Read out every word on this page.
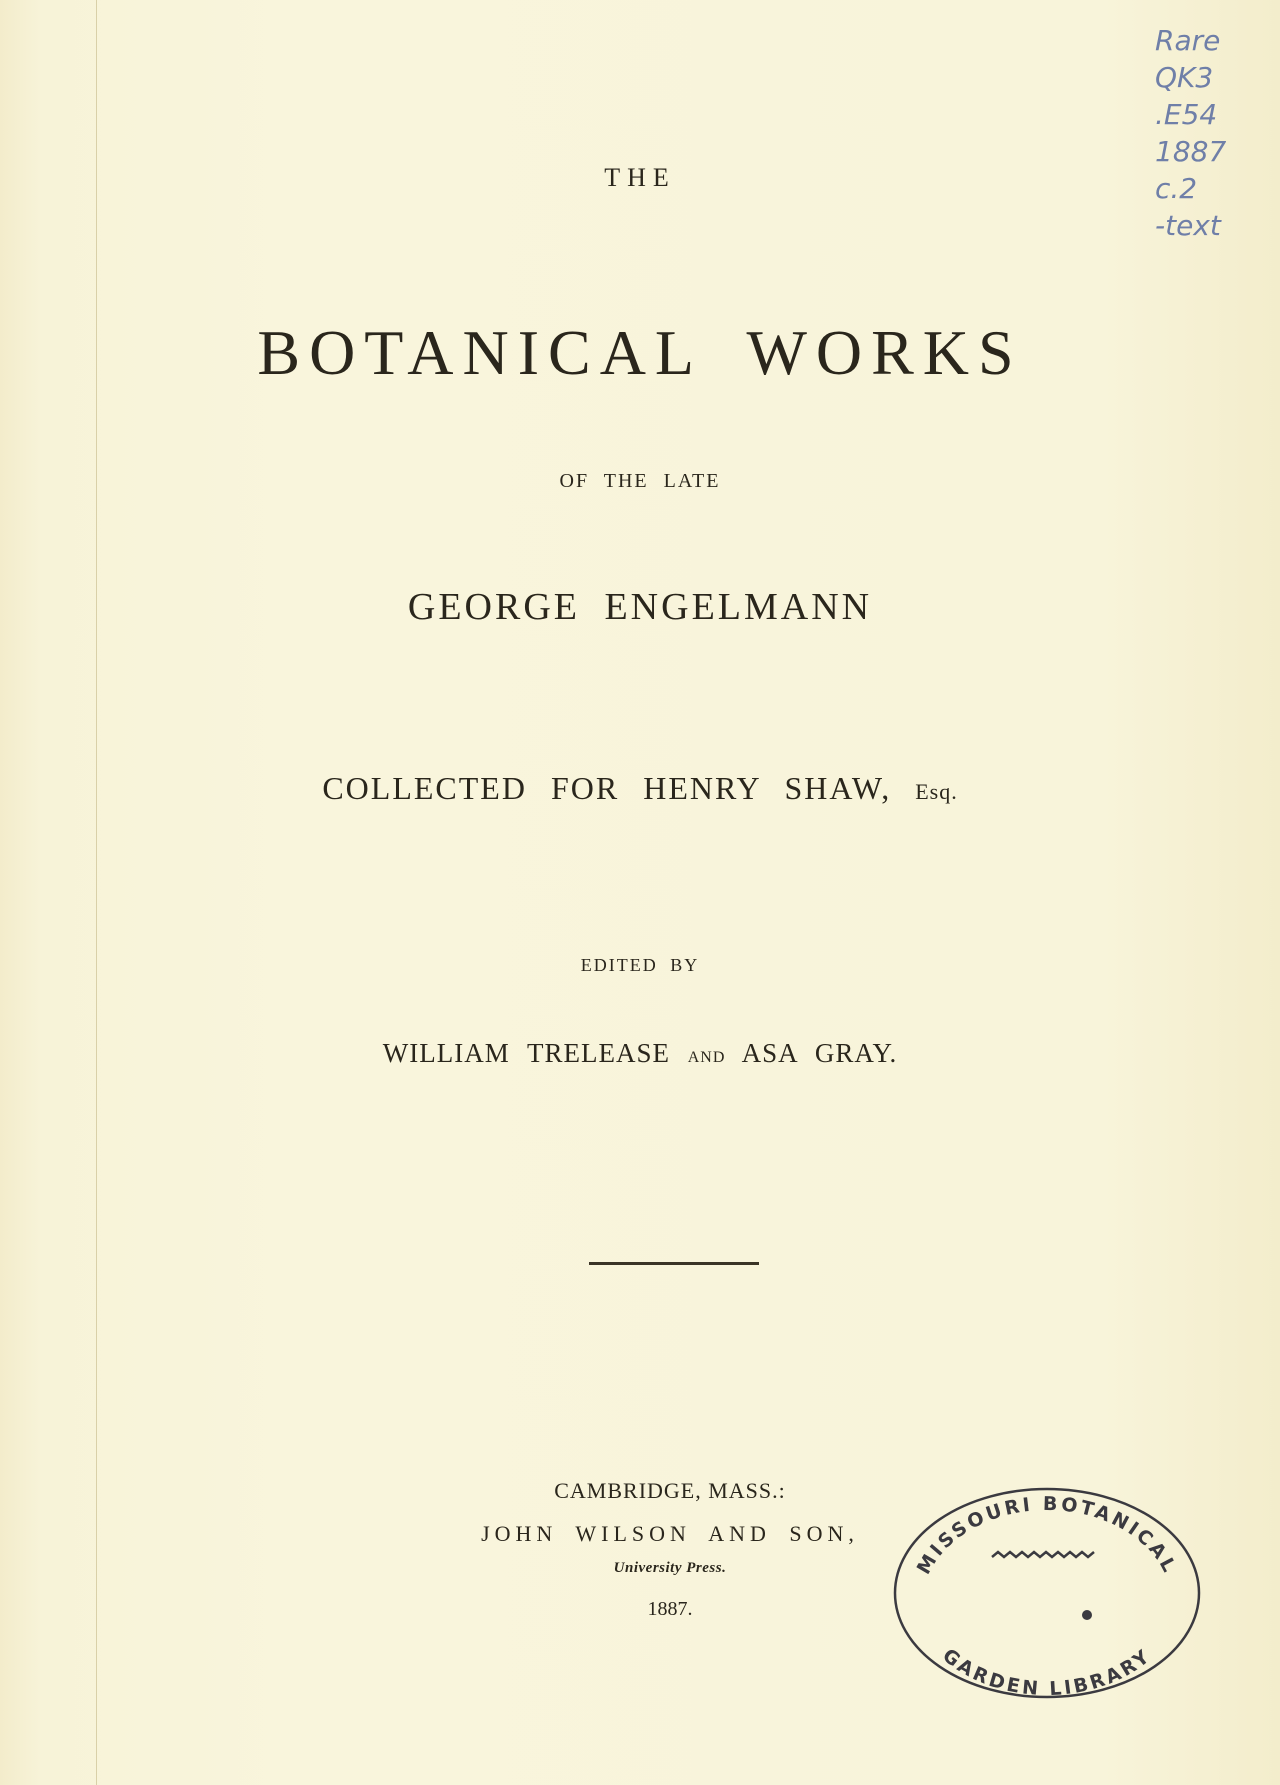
Rare
QK3
.E54
1887
c.2
-text
THE
BOTANICAL WORKS
OF THE LATE
GEORGE ENGELMANN
COLLECTED FOR HENRY SHAW, Esq.
EDITED BY
WILLIAM TRELEASE AND ASA GRAY.
CAMBRIDGE, MASS.:
JOHN WILSON AND SON,
University Press.
1887.
MISSOURI BOTANICAL
GARDEN LIBRARY
